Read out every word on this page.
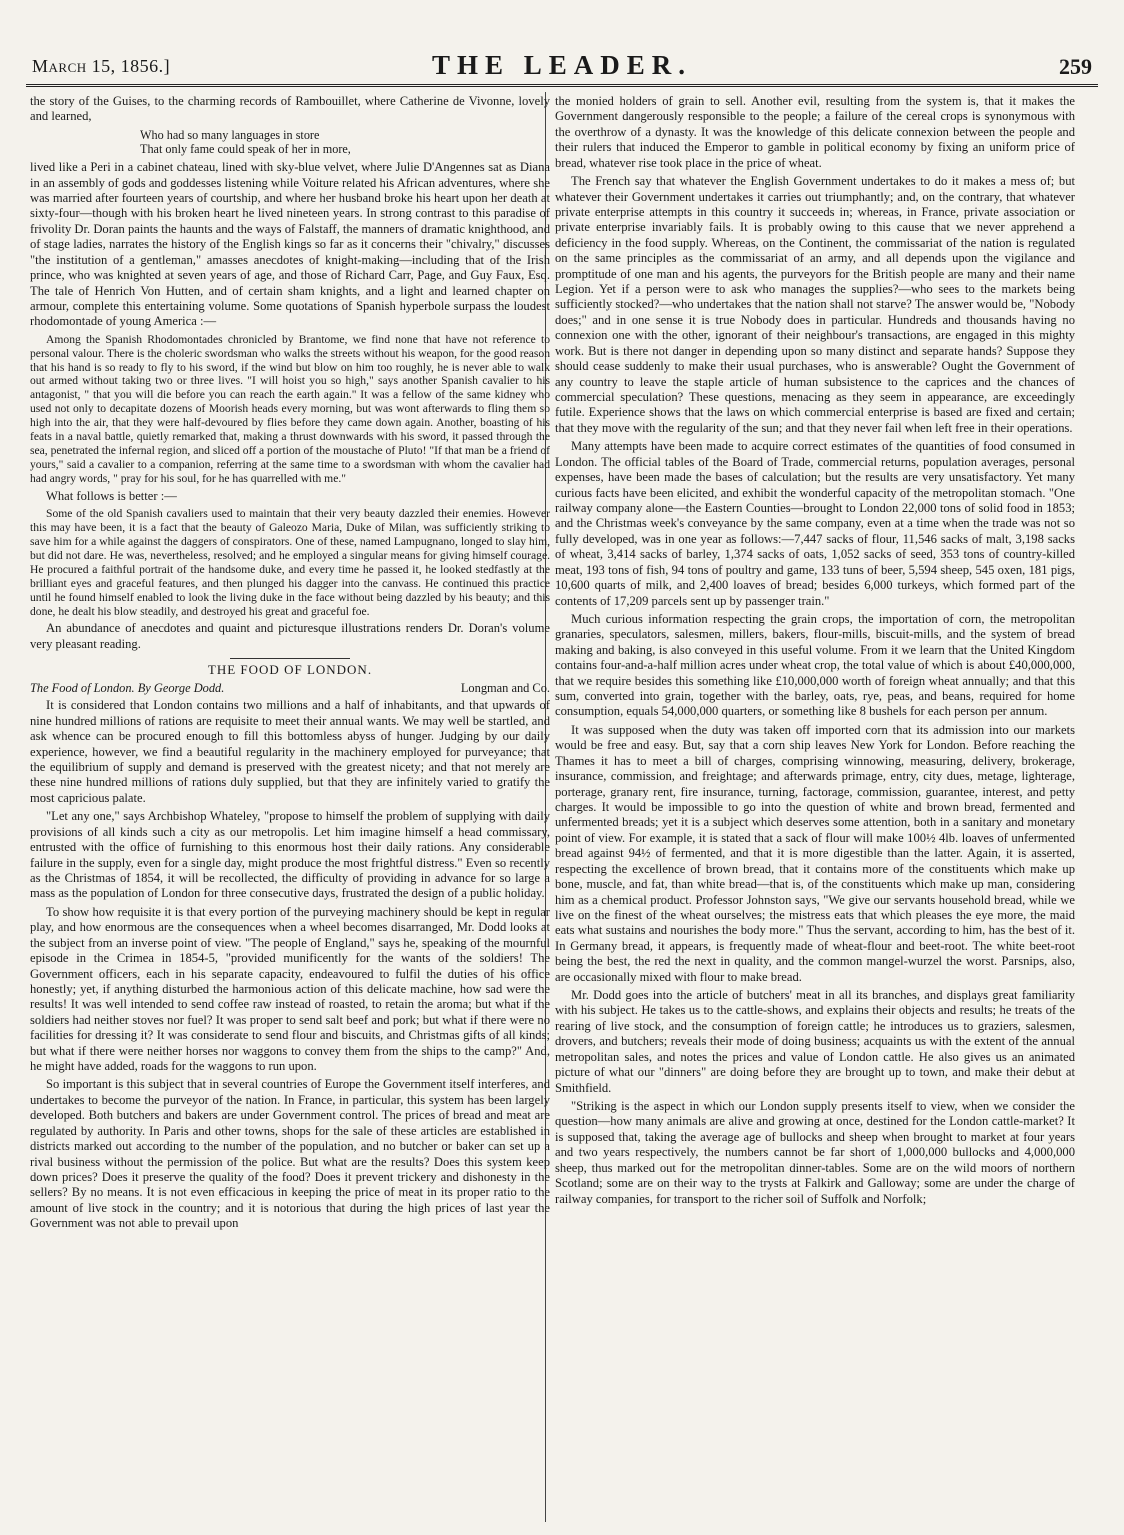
March 15, 1856.]	THE LEADER.	259

the story of the Guises, to the charming records of Rambouillet, where Catherine de Vivonne, lovely and learned,

Who had so many languages in store
That only fame could speak of her in more,

lived like a Peri in a cabinet chateau, lined with sky-blue velvet, where Julie D'Angennes sat as Diana in an assembly of gods and goddesses listening while Voiture related his African adventures, where she was married after fourteen years of courtship, and where her husband broke his heart upon her death at sixty-four—though with his broken heart he lived nineteen years. In strong contrast to this paradise of frivolity Dr. Doran paints the haunts and the ways of Falstaff, the manners of dramatic knighthood, and of stage ladies, narrates the history of the English kings so far as it concerns their "chivalry," discusses "the institution of a gentleman," amasses anecdotes of knight-making—including that of the Irish prince, who was knighted at seven years of age, and those of Richard Carr, Page, and Guy Faux, Esq. The tale of Henrich Von Hutten, and of certain sham knights, and a light and learned chapter on armour, complete this entertaining volume. Some quotations of Spanish hyperbole surpass the loudest rhodomontade of young America :—

Among the Spanish Rhodomontades chronicled by Brantome, we find none that have not reference to personal valour. There is the choleric swordsman who walks the streets without his weapon, for the good reason that his hand is so ready to fly to his sword, if the wind but blow on him too roughly, he is never able to walk out armed without taking two or three lives. "I will hoist you so high," says another Spanish cavalier to his antagonist, " that you will die before you can reach the earth again." It was a fellow of the same kidney who used not only to decapitate dozens of Moorish heads every morning, but was wont afterwards to fling them so high into the air, that they were half-devoured by flies before they came down again. Another, boasting of his feats in a naval battle, quietly remarked that, making a thrust downwards with his sword, it passed through the sea, penetrated the infernal region, and sliced off a portion of the moustache of Pluto! "If that man be a friend of yours," said a cavalier to a companion, referring at the same time to a swordsman with whom the cavalier had had angry words, " pray for his soul, for he has quarrelled with me."

What follows is better :—

Some of the old Spanish cavaliers used to maintain that their very beauty dazzled their enemies. However this may have been, it is a fact that the beauty of Galeozo Maria, Duke of Milan, was sufficiently striking to save him for a while against the daggers of conspirators. One of these, named Lampugnano, longed to slay him, but did not dare. He was, nevertheless, resolved; and he employed a singular means for giving himself courage. He procured a faithful portrait of the handsome duke, and every time he passed it, he looked stedfastly at the brilliant eyes and graceful features, and then plunged his dagger into the canvass. He continued this practice until he found himself enabled to look the living duke in the face without being dazzled by his beauty; and this done, he dealt his blow steadily, and destroyed his great and graceful foe.

An abundance of anecdotes and quaint and picturesque illustrations renders Dr. Doran's volume very pleasant reading.

THE FOOD OF LONDON.
The Food of London. By George Dodd.	Longman and Co.

It is considered that London contains two millions and a half of inhabitants, and that upwards of nine hundred millions of rations are requisite to meet their annual wants. We may well be startled, and ask whence can be procured enough to fill this bottomless abyss of hunger. Judging by our daily experience, however, we find a beautiful regularity in the machinery employed for purveyance; that the equilibrium of supply and demand is preserved with the greatest nicety; and that not merely are these nine hundred millions of rations duly supplied, but that they are infinitely varied to gratify the most capricious palate.

"Let any one," says Archbishop Whateley, "propose to himself the problem of supplying with daily provisions of all kinds such a city as our metropolis. Let him imagine himself a head commissary, entrusted with the office of furnishing to this enormous host their daily rations. Any considerable failure in the supply, even for a single day, might produce the most frightful distress." Even so recently as the Christmas of 1854, it will be recollected, the difficulty of providing in advance for so large a mass as the population of London for three consecutive days, frustrated the design of a public holiday.

To show how requisite it is that every portion of the purveying machinery should be kept in regular play, and how enormous are the consequences when a wheel becomes disarranged, Mr. Dodd looks at the subject from an inverse point of view. "The people of England," says he, speaking of the mournful episode in the Crimea in 1854-5, "provided munificently for the wants of the soldiers! The Government officers, each in his separate capacity, endeavoured to fulfil the duties of his office honestly; yet, if anything disturbed the harmonious action of this delicate machine, how sad were the results! It was well intended to send coffee raw instead of roasted, to retain the aroma; but what if the soldiers had neither stoves nor fuel? It was proper to send salt beef and pork; but what if there were no facilities for dressing it? It was considerate to send flour and biscuits, and Christmas gifts of all kinds; but what if there were neither horses nor waggons to convey them from the ships to the camp?" And, he might have added, roads for the waggons to run upon.

So important is this subject that in several countries of Europe the Government itself interferes, and undertakes to become the purveyor of the nation. In France, in particular, this system has been largely developed. Both butchers and bakers are under Government control. The prices of bread and meat are regulated by authority. In Paris and other towns, shops for the sale of these articles are established in districts marked out according to the number of the population, and no butcher or baker can set up a rival business without the permission of the police. But what are the results? Does this system keep down prices? Does it preserve the quality of the food? Does it prevent trickery and dishonesty in the sellers? By no means. It is not even efficacious in keeping the price of meat in its proper ratio to the amount of live stock in the country; and it is notorious that during the high prices of last year the Government was not able to prevail upon

the monied holders of grain to sell. Another evil, resulting from the system is, that it makes the Government dangerously responsible to the people; a failure of the cereal crops is synonymous with the overthrow of a dynasty. It was the knowledge of this delicate connexion between the people and their rulers that induced the Emperor to gamble in political economy by fixing an uniform price of bread, whatever rise took place in the price of wheat.

The French say that whatever the English Government undertakes to do it makes a mess of; but whatever their Government undertakes it carries out triumphantly; and, on the contrary, that whatever private enterprise attempts in this country it succeeds in; whereas, in France, private association or private enterprise invariably fails. It is probably owing to this cause that we never apprehend a deficiency in the food supply. Whereas, on the Continent, the commissariat of the nation is regulated on the same principles as the commissariat of an army, and all depends upon the vigilance and promptitude of one man and his agents, the purveyors for the British people are many and their name Legion. Yet if a person were to ask who manages the supplies?—who sees to the markets being sufficiently stocked?—who undertakes that the nation shall not starve? The answer would be, "Nobody does;" and in one sense it is true Nobody does in particular. Hundreds and thousands having no connexion one with the other, ignorant of their neighbour's transactions, are engaged in this mighty work. But is there not danger in depending upon so many distinct and separate hands? Suppose they should cease suddenly to make their usual purchases, who is answerable? Ought the Government of any country to leave the staple article of human subsistence to the caprices and the chances of commercial speculation? These questions, menacing as they seem in appearance, are exceedingly futile. Experience shows that the laws on which commercial enterprise is based are fixed and certain; that they move with the regularity of the sun; and that they never fail when left free in their operations.

Many attempts have been made to acquire correct estimates of the quantities of food consumed in London. The official tables of the Board of Trade, commercial returns, population averages, personal expenses, have been made the bases of calculation; but the results are very unsatisfactory. Yet many curious facts have been elicited, and exhibit the wonderful capacity of the metropolitan stomach. "One railway company alone—the Eastern Counties—brought to London 22,000 tons of solid food in 1853; and the Christmas week's conveyance by the same company, even at a time when the trade was not so fully developed, was in one year as follows:—7,447 sacks of flour, 11,546 sacks of malt, 3,198 sacks of wheat, 3,414 sacks of barley, 1,374 sacks of oats, 1,052 sacks of seed, 353 tons of country-killed meat, 193 tons of fish, 94 tons of poultry and game, 133 tuns of beer, 5,594 sheep, 545 oxen, 181 pigs, 10,600 quarts of milk, and 2,400 loaves of bread; besides 6,000 turkeys, which formed part of the contents of 17,209 parcels sent up by passenger train."

Much curious information respecting the grain crops, the importation of corn, the metropolitan granaries, speculators, salesmen, millers, bakers, flour-mills, biscuit-mills, and the system of bread making and baking, is also conveyed in this useful volume. From it we learn that the United Kingdom contains four-and-a-half million acres under wheat crop, the total value of which is about £40,000,000, that we require besides this something like £10,000,000 worth of foreign wheat annually; and that this sum, converted into grain, together with the barley, oats, rye, peas, and beans, required for home consumption, equals 54,000,000 quarters, or something like 8 bushels for each person per annum.

It was supposed when the duty was taken off imported corn that its admission into our markets would be free and easy. But, say that a corn ship leaves New York for London. Before reaching the Thames it has to meet a bill of charges, comprising winnowing, measuring, delivery, brokerage, insurance, commission, and freightage; and afterwards primage, entry, city dues, metage, lighterage, porterage, granary rent, fire insurance, turning, factorage, commission, guarantee, interest, and petty charges. It would be impossible to go into the question of white and brown bread, fermented and unfermented breads; yet it is a subject which deserves some attention, both in a sanitary and monetary point of view. For example, it is stated that a sack of flour will make 100½ 4lb. loaves of unfermented bread against 94½ of fermented, and that it is more digestible than the latter. Again, it is asserted, respecting the excellence of brown bread, that it contains more of the constituents which make up bone, muscle, and fat, than white bread—that is, of the constituents which make up man, considering him as a chemical product. Professor Johnston says, "We give our servants household bread, while we live on the finest of the wheat ourselves; the mistress eats that which pleases the eye more, the maid eats what sustains and nourishes the body more." Thus the servant, according to him, has the best of it. In Germany bread, it appears, is frequently made of wheat-flour and beet-root. The white beet-root being the best, the red the next in quality, and the common mangel-wurzel the worst. Parsnips, also, are occasionally mixed with flour to make bread.

Mr. Dodd goes into the article of butchers' meat in all its branches, and displays great familiarity with his subject. He takes us to the cattle-shows, and explains their objects and results; he treats of the rearing of live stock, and the consumption of foreign cattle; he introduces us to graziers, salesmen, drovers, and butchers; reveals their mode of doing business; acquaints us with the extent of the annual metropolitan sales, and notes the prices and value of London cattle. He also gives us an animated picture of what our "dinners" are doing before they are brought up to town, and make their debut at Smithfield.

"Striking is the aspect in which our London supply presents itself to view, when we consider the question—how many animals are alive and growing at once, destined for the London cattle-market? It is supposed that, taking the average age of bullocks and sheep when brought to market at four years and two years respectively, the numbers cannot be far short of 1,000,000 bullocks and 4,000,000 sheep, thus marked out for the metropolitan dinner-tables. Some are on the wild moors of northern Scotland; some are on their way to the trysts at Falkirk and Galloway; some are under the charge of railway companies, for transport to the richer soil of Suffolk and Norfolk;
